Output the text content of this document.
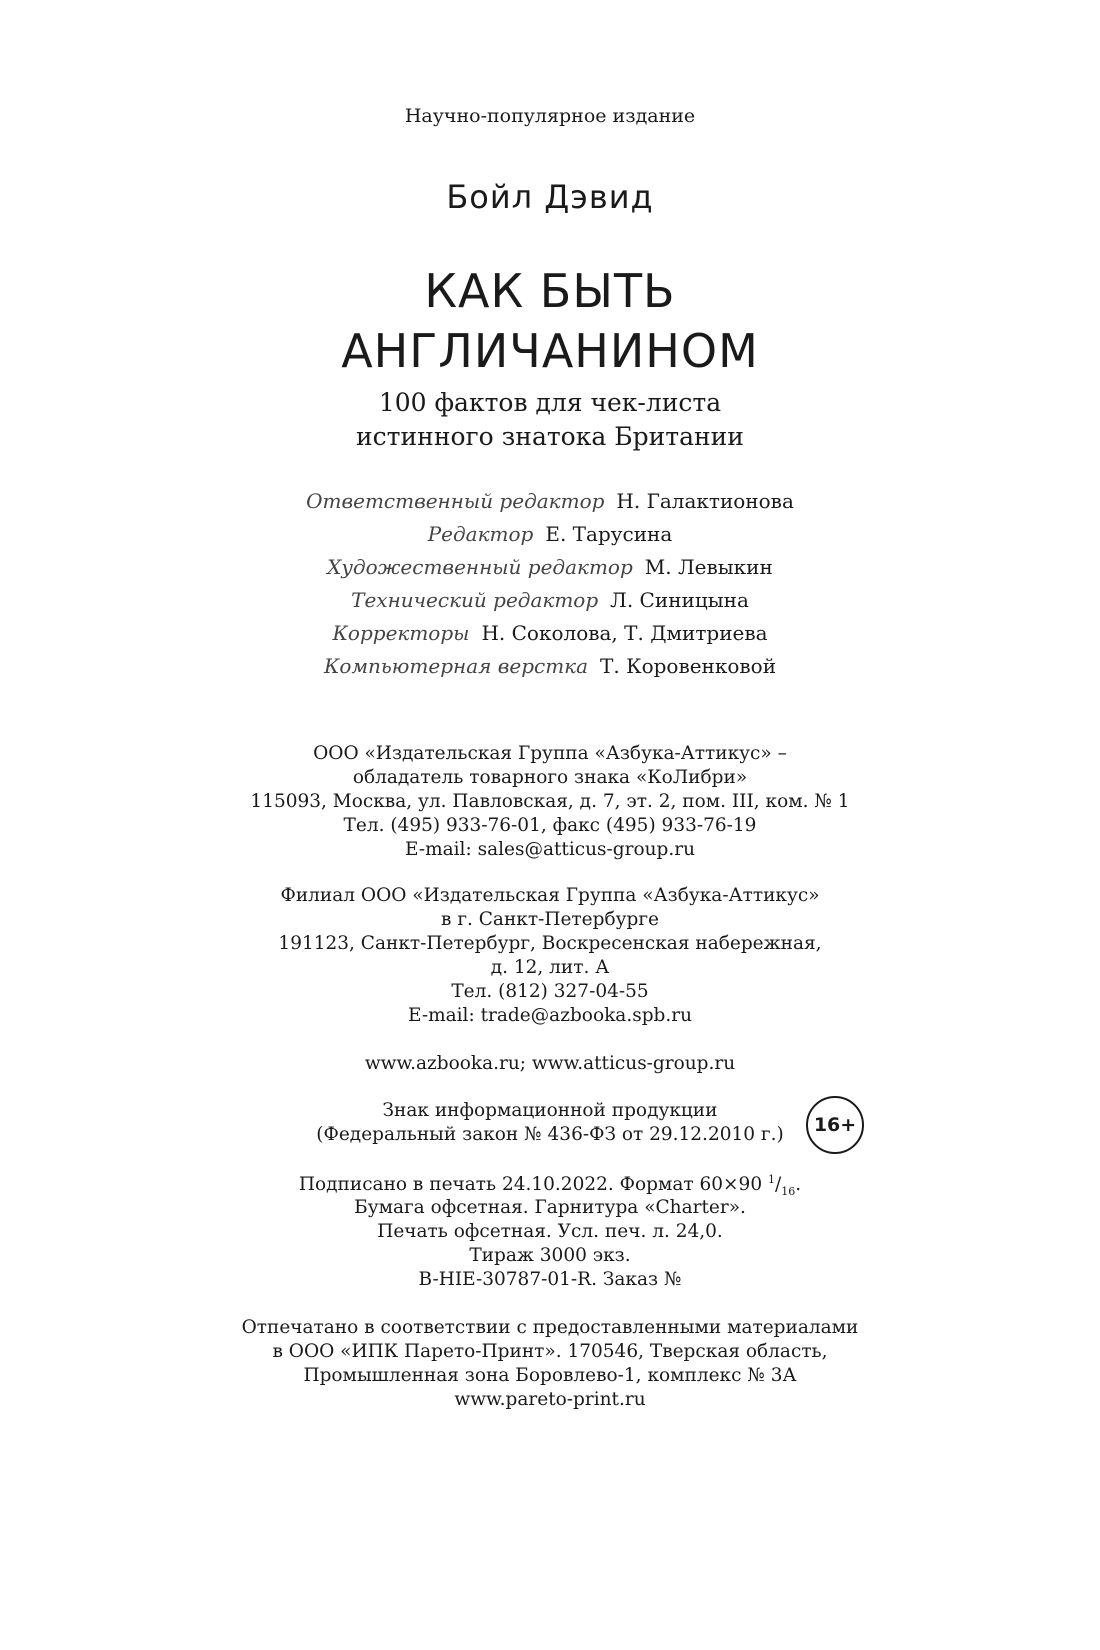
Научно-популярное издание
Бойл Дэвид
КАК БЫТЬ
АНГЛИЧАНИНОМ
100 фактов для чек-листа
истинного знатока Британии
Ответственный редактор Н. Галактионова
Редактор Е. Тарусина
Художественный редактор М. Левыкин
Технический редактор Л. Синицына
Корректоры Н. Соколова, Т. Дмитриева
Компьютерная верстка Т. Коровенковой
ООО «Издательская Группа «Азбука-Аттикус» –
обладатель товарного знака «КоЛибри»
115093, Москва, ул. Павловская, д. 7, эт. 2, пом. III, ком. № 1
Тел. (495) 933-76-01, факс (495) 933-76-19
E-mail: sales@atticus-group.ru
Филиал ООО «Издательская Группа «Азбука-Аттикус»
в г. Санкт-Петербурге
191123, Санкт-Петербург, Воскресенская набережная,
д. 12, лит. А
Тел. (812) 327-04-55
E-mail: trade@azbooka.spb.ru
www.azbooka.ru; www.atticus-group.ru
Знак информационной продукции
(Федеральный закон № 436-ФЗ от 29.12.2010 г.)	16+
Подписано в печать 24.10.2022. Формат 60×90 $^1/_{16}$.
Бумага офсетная. Гарнитура «Charter».
Печать офсетная. Усл. печ. л. 24,0.
Тираж 3000 экз.
B-HIE-30787-01-R. Заказ №
Отпечатано в соответствии с предоставленными материалами
в ООО «ИПК Парето-Принт». 170546, Тверская область,
Промышленная зона Боровлево-1, комплекс № 3А
www.pareto-print.ru
